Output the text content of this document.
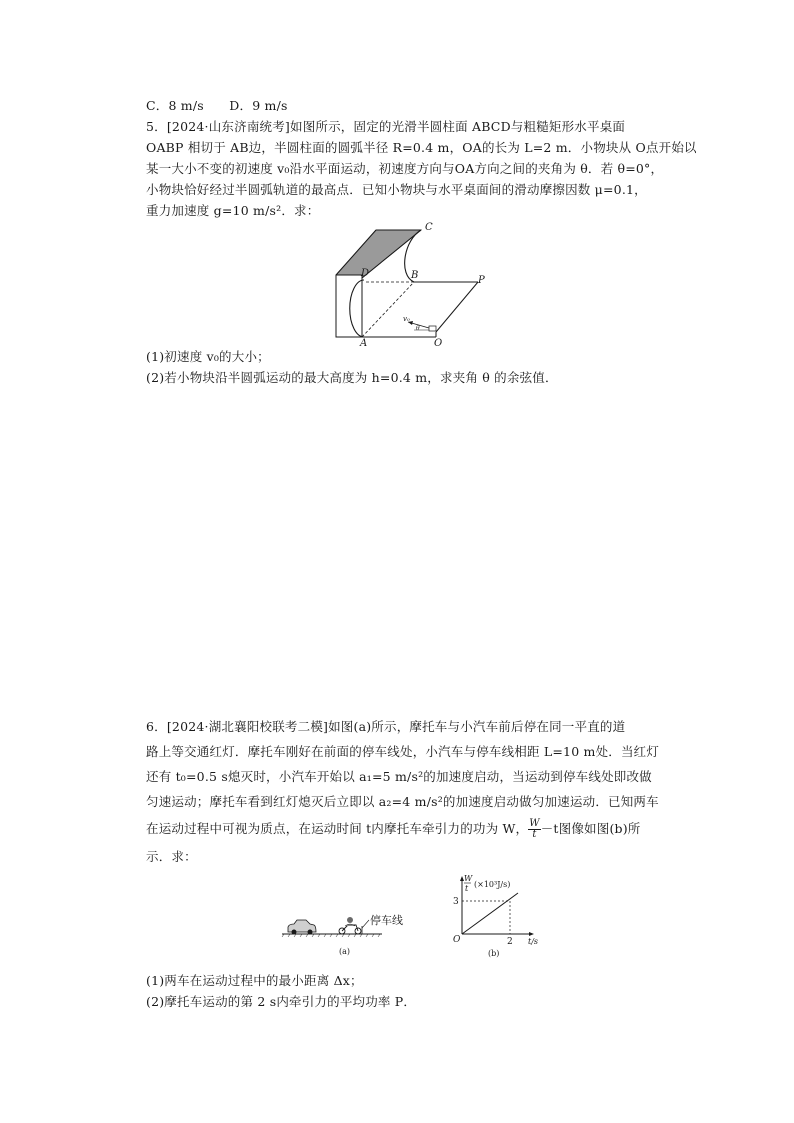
C．8 m/s　　D．9 m/s
5．[2024·山东济南统考]如图所示，固定的光滑半圆柱面 ABCD与粗糙矩形水平桌面
OABP 相切于 AB边，半圆柱面的圆弧半径 R=0.4 m，OA的长为 L=2 m．小物块从 O点开始以
某一大小不变的初速度 v₀沿水平面运动，初速度方向与OA方向之间的夹角为 θ．若 θ=0°，
小物块恰好经过半圆弧轨道的最高点．已知小物块与水平桌面间的滑动摩擦因数 μ=0.1，
重力加速度 g=10 m/s²．求：
C
D	B	P
A	O
v₀
θ
(1)初速度 v₀的大小；
(2)若小物块沿半圆弧运动的最大高度为 h=0.4 m，求夹角 θ 的余弦值．
6．[2024·湖北襄阳校联考二模]如图(a)所示，摩托车与小汽车前后停在同一平直的道
路上等交通红灯．摩托车刚好在前面的停车线处，小汽车与停车线相距 L=10 m处．当红灯
还有 t₀=0.5 s熄灭时，小汽车开始以 a₁=5 m/s²的加速度启动，当运动到停车线处即改做
匀速运动；摩托车看到红灯熄灭后立即以 a₂=4 m/s²的加速度启动做匀加速运动．已知两车
在运动过程中可视为质点，在运动时间 t内摩托车牵引力的功为 W， $\frac{W}{t} -t$图像如图(b)所
示．求：
停车线
(a)
W
t (×10³J/s)
3
O	2 t/s
(b)
(1)两车在运动过程中的最小距离 Δx；
(2)摩托车运动的第 2 s内牵引力的平均功率 P．
